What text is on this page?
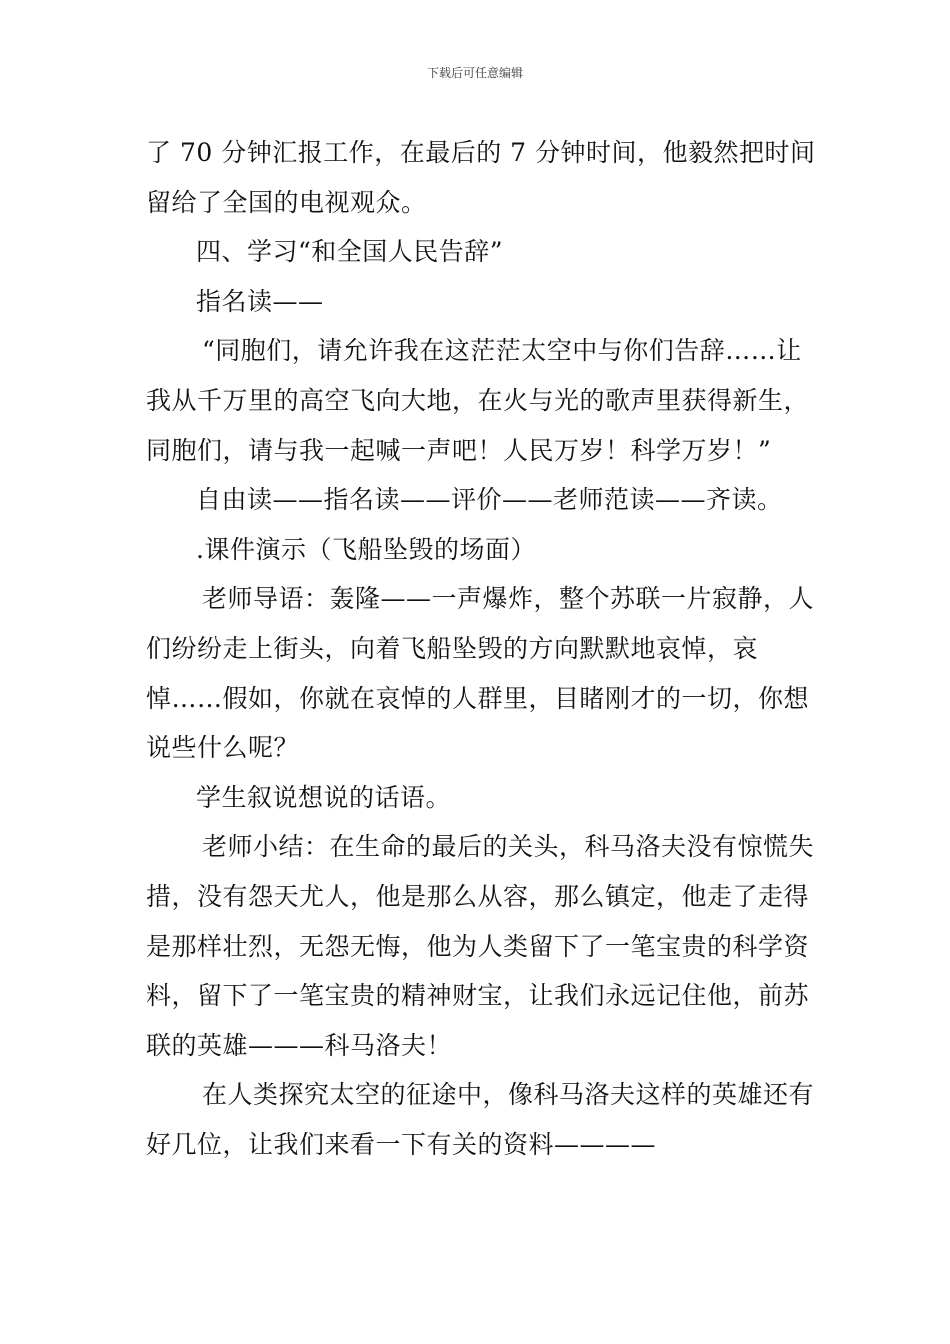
下载后可任意编辑

了 70 分钟汇报工作，在最后的 7 分钟时间，他毅然把时间留给了全国的电视观众。

四、学习“和全国人民告辞”

指名读——

“同胞们，请允许我在这茫茫太空中与你们告辞……让我从千万里的高空飞向大地，在火与光的歌声里获得新生，同胞们，请与我一起喊一声吧！人民万岁！科学万岁！”

自由读——指名读——评价——老师范读——齐读。

.课件演示（飞船坠毁的场面）

老师导语：轰隆——一声爆炸，整个苏联一片寂静，人们纷纷走上街头，向着飞船坠毁的方向默默地哀悼，哀悼……假如，你就在哀悼的人群里，目睹刚才的一切，你想说些什么呢？

学生叙说想说的话语。

老师小结：在生命的最后的关头，科马洛夫没有惊慌失措，没有怨天尤人，他是那么从容，那么镇定，他走了走得是那样壮烈，无怨无悔，他为人类留下了一笔宝贵的科学资料，留下了一笔宝贵的精神财宝，让我们永远记住他，前苏联的英雄———科马洛夫！

在人类探究太空的征途中，像科马洛夫这样的英雄还有好几位，让我们来看一下有关的资料————
